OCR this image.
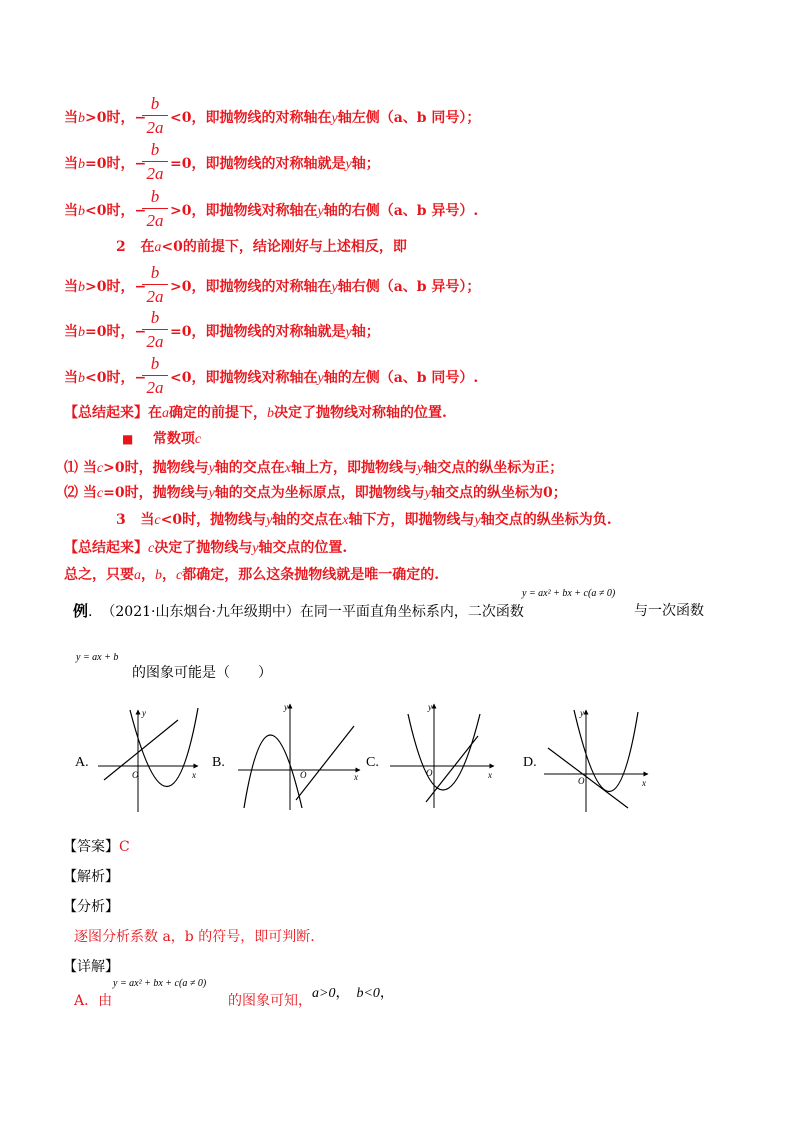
当b>0时，−
b
2a <0，即抛物线的对称轴在y轴左侧（a、b 同号）；
当b=0时，−
b
2a =0，即抛物线的对称轴就是y轴；
当b<0时，−
b
2a >0，即抛物线对称轴在y轴的右侧（a、b 异号）.
2 在a<0的前提下，结论刚好与上述相反，即
当b>0时，−
b
2a >0，即抛物线的对称轴在y轴右侧（a、b 异号）；
当b=0时，−
b
2a =0，即抛物线的对称轴就是y轴；
当b<0时，−
b
2a <0，即抛物线对称轴在y轴的左侧（a、b 同号）.
【总结起来】在a确定的前提下，b决定了抛物线对称轴的位置.
■ 常数项c
⑴ 当c>0时，抛物线与y轴的交点在x轴上方，即抛物线与y轴交点的纵坐标为正；
⑵ 当c=0时，抛物线与y轴的交点为坐标原点，即抛物线与y轴交点的纵坐标为0；
3 当c<0时，抛物线与y轴的交点在x轴下方，即抛物线与y轴交点的纵坐标为负.
【总结起来】c决定了抛物线与y轴交点的位置.
总之，只要a，b，c都确定，那么这条抛物线就是唯一确定的.
例. （2021·山东烟台·九年级期中）在同一平面直角坐标系内，二次函数
y = ax² + bx + c(a ≠ 0)
与一次函数
y = ax + b
的图象可能是（　　）
A.
O	x
y
B.
O	x
y
C.
O	x
y
D.
O	x
y
【答案】C
【解析】
【分析】
逐图分析系数 a，b 的符号，即可判断.
【详解】
A．由
y = ax² + bx + c(a ≠ 0)
的图象可知， a>0， b<0，
